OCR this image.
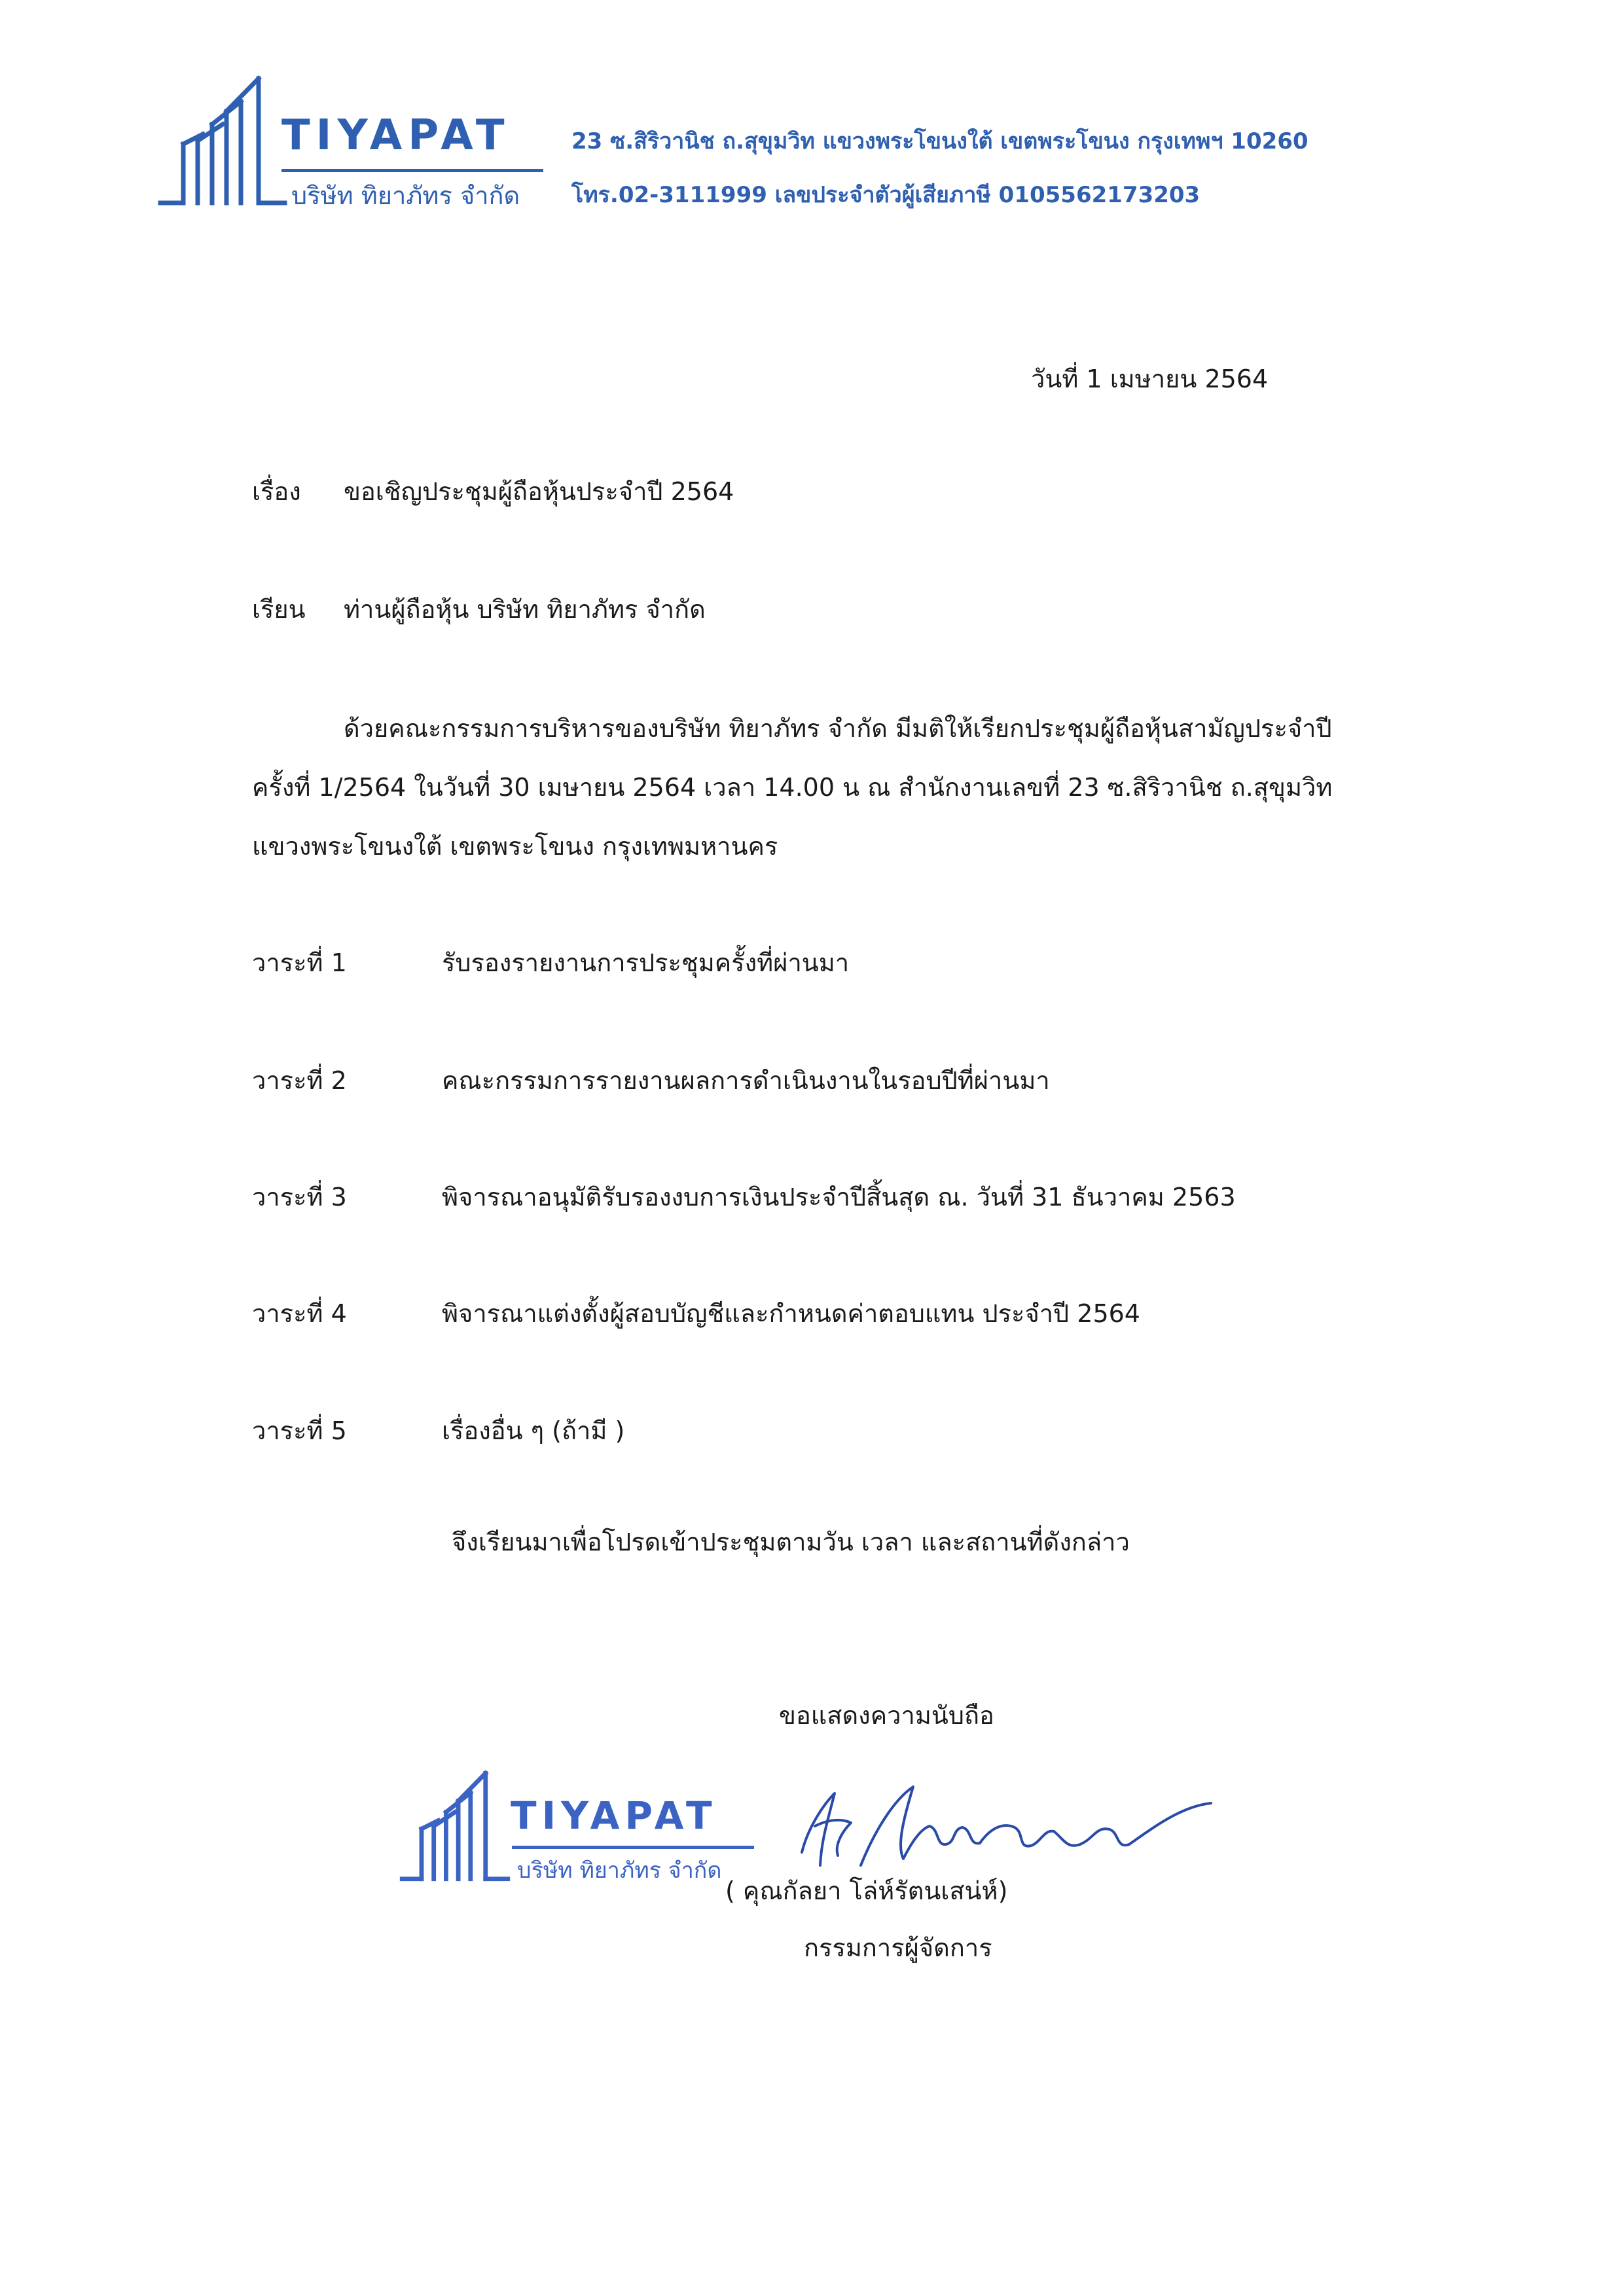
TIYAPAT
บริษัท ทิยาภัทร จำกัด
23 ซ.สิริวานิช ถ.สุขุมวิท แขวงพระโขนงใต้ เขตพระโขนง กรุงเทพฯ 10260
โทร.02-3111999 เลขประจำตัวผู้เสียภาษี 0105562173203
วันที่ 1 เมษายน 2564
เรื่อง ขอเชิญประชุมผู้ถือหุ้นประจำปี 2564
เรียน ท่านผู้ถือหุ้น บริษัท ทิยาภัทร จำกัด
ด้วยคณะกรรมการบริหารของบริษัท ทิยาภัทร จำกัด มีมติให้เรียกประชุมผู้ถือหุ้นสามัญประจำปี
ครั้งที่ 1/2564 ในวันที่ 30 เมษายน 2564 เวลา 14.00 น ณ สำนักงานเลขที่ 23 ซ.สิริวานิช ถ.สุขุมวิท
แขวงพระโขนงใต้ เขตพระโขนง กรุงเทพมหานคร
วาระที่ 1	รับรองรายงานการประชุมครั้งที่ผ่านมา
วาระที่ 2	คณะกรรมการรายงานผลการดำเนินงานในรอบปีที่ผ่านมา
วาระที่ 3	พิจารณาอนุมัติรับรองงบการเงินประจำปีสิ้นสุด ณ. วันที่ 31 ธันวาคม 2563
วาระที่ 4	พิจารณาแต่งตั้งผู้สอบบัญชีและกำหนดค่าตอบแทน ประจำปี 2564
วาระที่ 5	เรื่องอื่น ๆ (ถ้ามี )
จึงเรียนมาเพื่อโปรดเข้าประชุมตามวัน เวลา และสถานที่ดังกล่าว
ขอแสดงความนับถือ
TIYAPAT
บริษัท ทิยาภัทร จำกัด
( คุณกัลยา โล่ห์รัตนเสน่ห์)
กรรมการผู้จัดการ
